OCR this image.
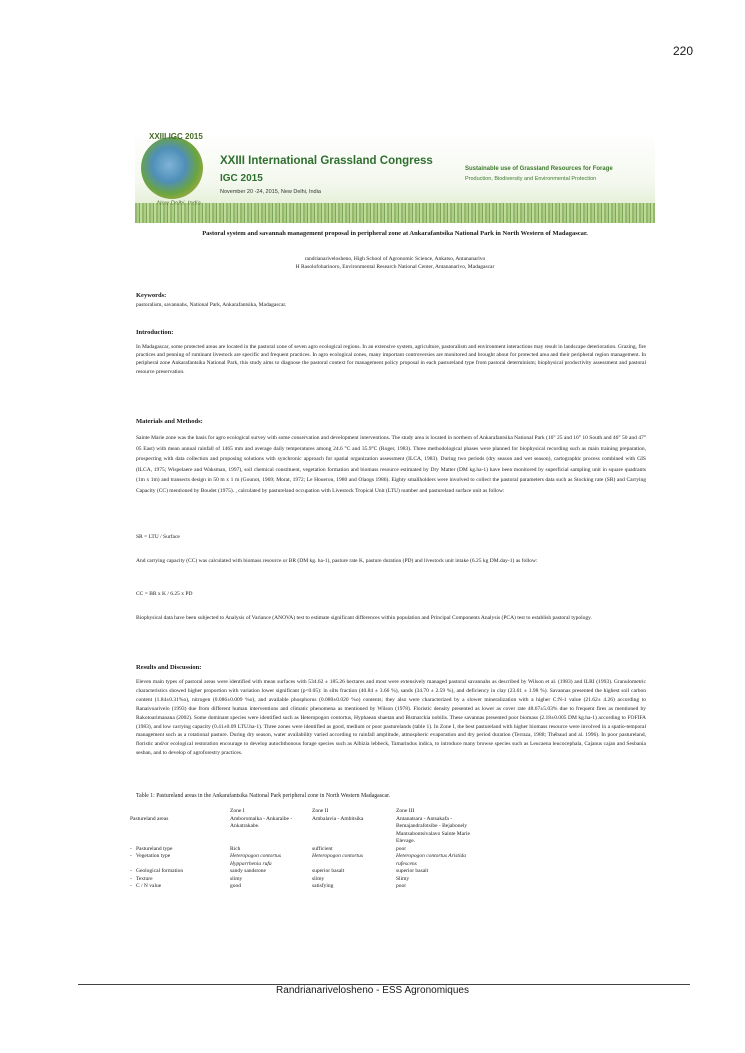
220
XXIII IGC 2015
XXIII International Grassland Congress
IGC 2015
November 20 -24, 2015, New Delhi, India
Sustainable use of Grassland Resources for Forage
Production, Biodiversity and Environmental Protection
Pastoral system and savannah management proposal in peripheral zone at Ankarafantsika National Park in North Western of Madagascar.
randrianarivelosheno, High School of Agronomic Science, Ankatso, Antananarivo
H Rasolofoharinoro, Environmental Research National Center, Antananarivo, Madagascar
Keywords:
pastoralism, savannahs, National Park, Ankarafantsika, Madagascar.
Introduction:
In Madagascar, some protected areas are located in the pastoral zone of seven agro ecological regions. In an extensive system, agriculture, pastoralism and environment interactions may result in landscape deterioration. Grazing, fire practices and penning of ruminant livestock are specific and frequent practices. In agro ecological zones, many important controversies are monitored and brought about for protected area and their peripheral region management. In peripheral zone Ankarafantsika National Park, this study aims to diagnose the pastoral context for management policy proposal in each pastureland type from pastoral determinism; biophysical productivity assessment and pastoral resource preservation.
Materials and Methods:
Sainte Marie zone was the basis for agro ecological survey with some conservation and development interventions. The study area is located in northern of Ankarafantsika National Park (16° 25 and 16° 10 South and 46° 50 and 47° 05 East) with mean annual rainfall of 1465 mm and average daily temperatures among 24.6 °C and 35.9°C (Roger, 1983). Three methodological phases were planned for biophysical recording such as main training preparation, prospecting with data collection and proposing solutions with synchronic approach for spatial organization assessment (ILCA, 1983). During two periods (dry season and wet season), cartographic process combined with GIS (ILCA, 1975; Wispelaere and Waksman, 1997), soil chemical constituent, vegetation formation and biomass resource estimated by Dry Matter (DM kg.ha-1) have been monitored by superficial sampling unit in square quadrants (1m x 1m) and transects design in 50 m x 1 m (Gounot, 1969; Morat, 1972; Le Houerou, 1980 and Olaogs 1986). Eighty smallholders were involved to collect the pastoral parameters data such as Stocking rate (SR) and Carrying Capacity (CC) mentioned by Boudet (1975). , calculated by pastureland occupation with Livestock Tropical Unit (LTU) number and pastureland surface unit as follow:
SR = LTU / Surface
And carrying capacity (CC) was calculated with biomass resource or BR (DM kg. ha-1), pasture rate K, pasture duration (PD) and livestock unit intake (6.25 kg DM.day-1) as follow:
CC = BR x K / 6.25 x PD
Biophysical data have been subjected to Analysis of Variance (ANOVA) test to estimate significant differences within population and Principal Components Analysis (PCA) test to establish pastoral typology.
Results and Discussion:
Eleven main types of pastoral areas were identified with mean surfaces with 534.62 ± 185.26 hectares and most were extensively managed pastoral savannahs as described by Wilson et al. (1983) and ILRI (1993). Granulometric characteristics showed higher proportion with variation lower significant (p<0.05): in silts fraction (40.84 ± 3.66 %), sands (34.70 ± 2.59 %), and deficiency in clay (23.61 ± 1.98 %). Savannas presented the highest soil carbon content (1.84±0.31%o), nitrogen (0.086±0.009 %o), and available phosphorus (0.080±0.020 %o) contents; they also were characterized by a slower mineralization with a higher C:N-1 value (21.62± 4.26) according to Ranaivoarivelo (1993) due from different human interventions and climatic phenomena as mentioned by Wilson (1978). Floristic density presented as lower as cover rate 48.67±5.03% due to frequent fires as mentioned by Rakotoarimanana (2002). Some dominant species were identified such as Heteropogon contortus, Hyphaean shaetan and Bismarckia nobilis. These savannas presented poor biomass (2.18±0.005 DM kg.ha-1) according to FOFIFA (1983), and low carrying capacity (0.41±0.09 LTU.ha-1). Three zones were identified as good, medium or poor pasturelands (table 1). In Zone I, the best pastureland with higher biomass resource were involved in a spatio-temporal management such as a rotational pasture. During dry season, water availability varied according to rainfall amplitude, atmospheric evaporation and dry period duration (Terraza, 1988; Thébaud and al. 1996). In poor pastureland, floristic and/or ecological restoration encourage to develop autochthonous forage species such as Albizia lebbeck, Tamarindus indica, to introduce many browse species such as Leucaena leucocephala, Cajanus cajan and Sesbania sesban, and to develop of agroforestry practices.
Table 1: Pastureland areas in the Ankarafantsika National Park peripheral zone in North Western Madagascar.
	Zone I	Zone II	Zone III
Pastureland areas	Amboromaika - Ankaraibe - Ankatrakabe.	Ambalavia - Ambitsika	Antanatsara - Antsakafa - Bemajandrafotsibe - Bejabonely Mantsabontsivalavo Sainte Marie Elevage.
-   Pastureland type	Rich	sufficient	poor
-   Vegetation type	Heteropogon contortus Hypparrhenia rufa	Heteropogon contortus	Heteropogon contortus Aristida rufescens
-   Geological formation	sandy sandstone	superior basalt	superior basalt
-   Texture	slimy	slimy	Slimy
-   C / N value	good	satisfying	poor
Randrianarivelosheno - ESS Agronomiques
